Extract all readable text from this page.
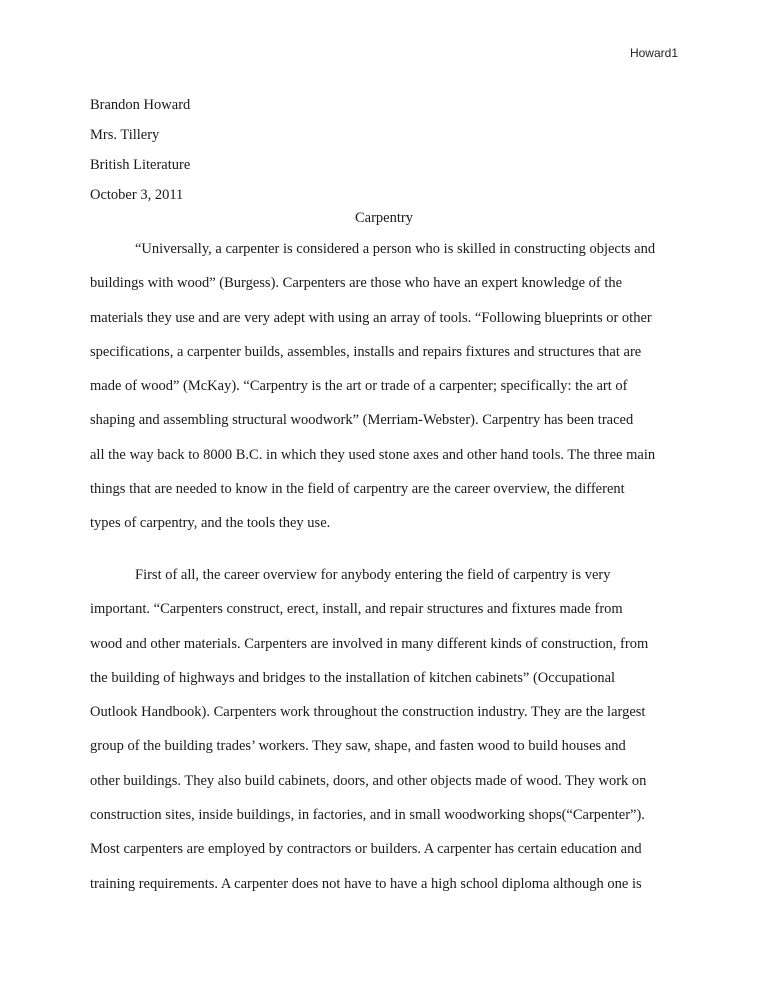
Howard1
Brandon Howard
Mrs. Tillery
British Literature
October 3, 2011
Carpentry
“Universally, a carpenter is considered a person who is skilled in constructing objects and
buildings with wood” (Burgess). Carpenters are those who have an expert knowledge of the
materials they use and are very adept with using an array of tools. “Following blueprints or other
specifications, a carpenter builds, assembles, installs and repairs fixtures and structures that are
made of wood” (McKay). “Carpentry is the art or trade of a carpenter; specifically: the art of
shaping and assembling structural woodwork” (Merriam-Webster). Carpentry has been traced
all the way back to 8000 B.C. in which they used stone axes and other hand tools. The three main
things that are needed to know in the field of carpentry are the career overview, the different
types of carpentry, and the tools they use.
First of all, the career overview for anybody entering the field of carpentry is very
important. “Carpenters construct, erect, install, and repair structures and fixtures made from
wood and other materials. Carpenters are involved in many different kinds of construction, from
the building of highways and bridges to the installation of kitchen cabinets” (Occupational
Outlook Handbook). Carpenters work throughout the construction industry. They are the largest
group of the building trades’ workers. They saw, shape, and fasten wood to build houses and
other buildings. They also build cabinets, doors, and other objects made of wood. They work on
construction sites, inside buildings, in factories, and in small woodworking shops(“Carpenter”).
Most carpenters are employed by contractors or builders. A carpenter has certain education and
training requirements. A carpenter does not have to have a high school diploma although one is
